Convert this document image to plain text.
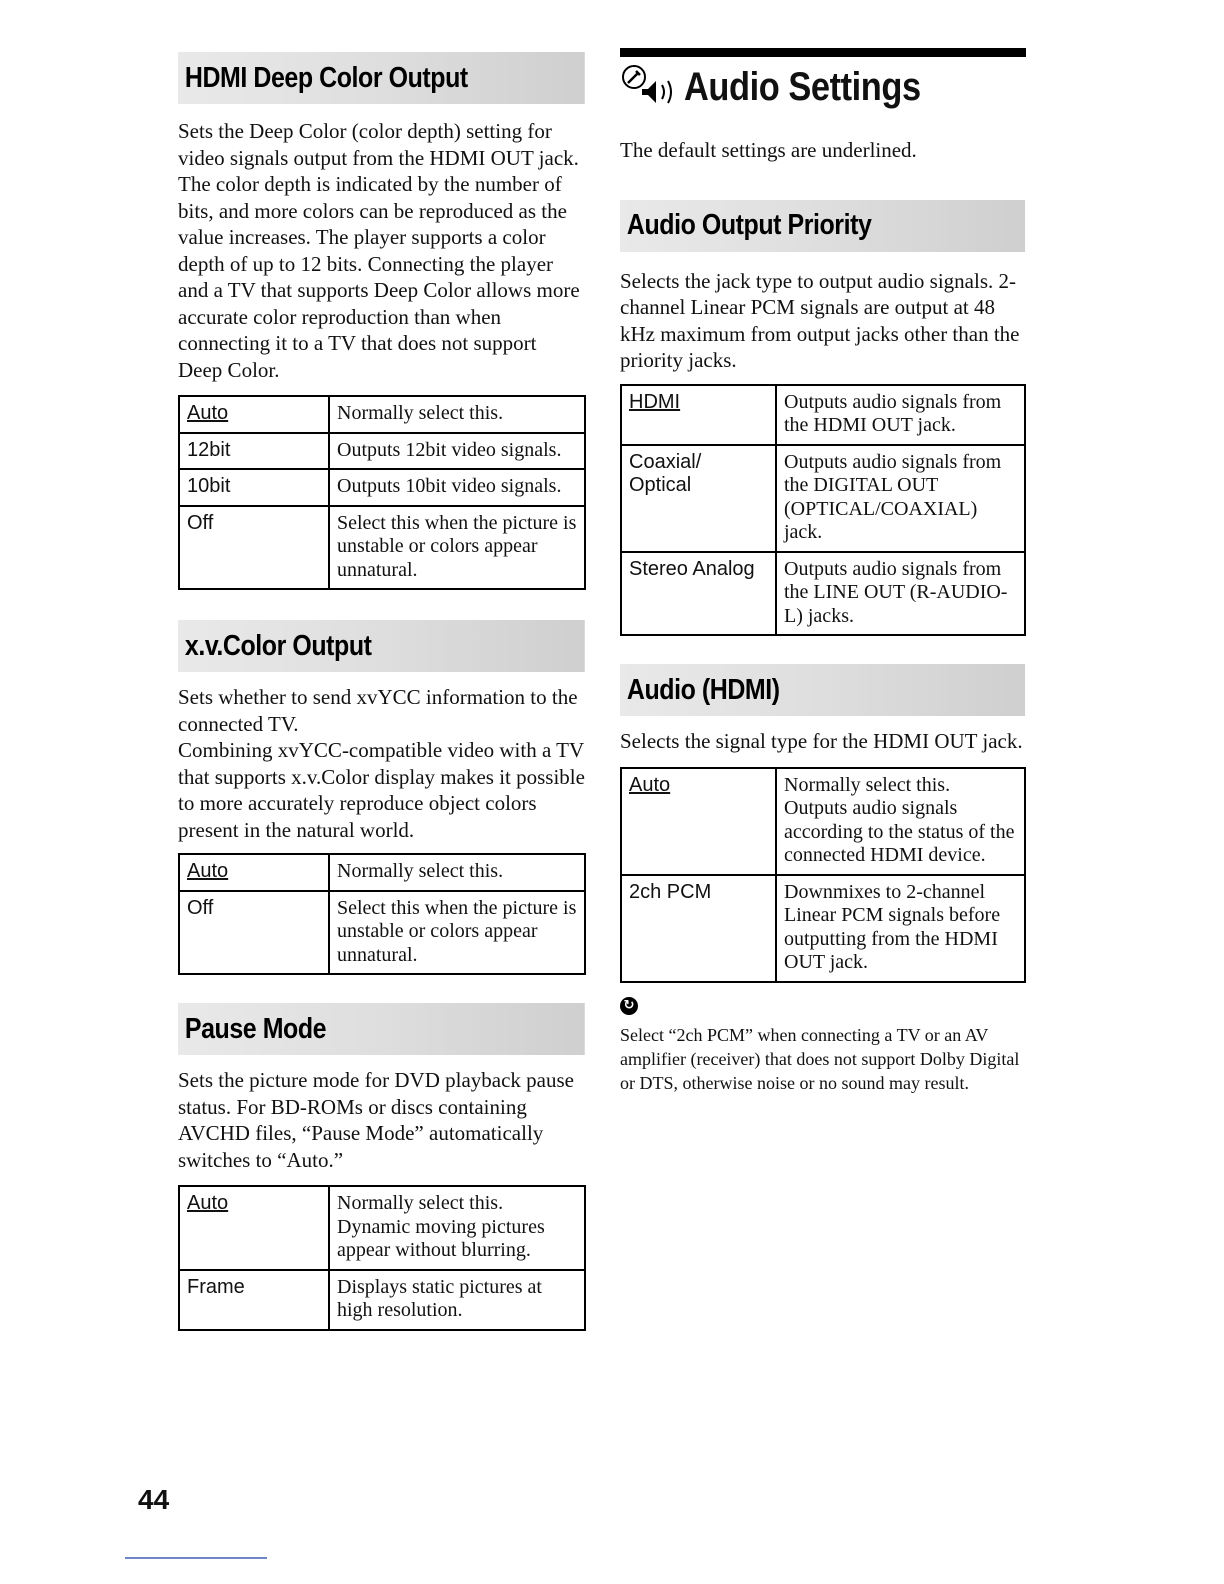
HDMI Deep Color Output

Sets the Deep Color (color depth) setting for video signals output from the HDMI OUT jack.

The color depth is indicated by the number of bits, and more colors can be reproduced as the value increases. The player supports a color depth of up to 12 bits. Connecting the player and a TV that supports Deep Color allows more accurate color reproduction than when connecting it to a TV that does not support Deep Color.

Auto	Normally select this.
12bit	Outputs 12bit video signals.
10bit	Outputs 10bit video signals.
Off	Select this when the picture is unstable or colors appear unnatural.
x.v.Color Output

Sets whether to send xvYCC information to the connected TV.

Combining xvYCC-compatible video with a TV that supports x.v.Color display makes it possible to more accurately reproduce object colors present in the natural world.

Auto	Normally select this.
Off	Select this when the picture is unstable or colors appear unnatural.
Pause Mode

Sets the picture mode for DVD playback pause status. For BD-ROMs or discs containing AVCHD files, “Pause Mode” automatically switches to “Auto.”

Auto	Normally select this. Dynamic moving pictures appear without blurring.
Frame	Displays static pictures at high resolution.
Audio Settings

The default settings are underlined.

Audio Output Priority

Selects the jack type to output audio signals. 2-channel Linear PCM signals are output at 48 kHz maximum from output jacks other than the priority jacks.

HDMI	Outputs audio signals from the HDMI OUT jack.
Coaxial/ Optical	Outputs audio signals from the DIGITAL OUT (OPTICAL/COAXIAL) jack.
Stereo Analog	Outputs audio signals from the LINE OUT (R-AUDIO-L) jacks.
Audio (HDMI)

Selects the signal type for the HDMI OUT jack.

Auto	Normally select this. Outputs audio signals according to the status of the connected HDMI device.
2ch PCM	Downmixes to 2-channel Linear PCM signals before outputting from the HDMI OUT jack.
↻

Select “2ch PCM” when connecting a TV or an AV amplifier (receiver) that does not support Dolby Digital or DTS, otherwise noise or no sound may result.

44
